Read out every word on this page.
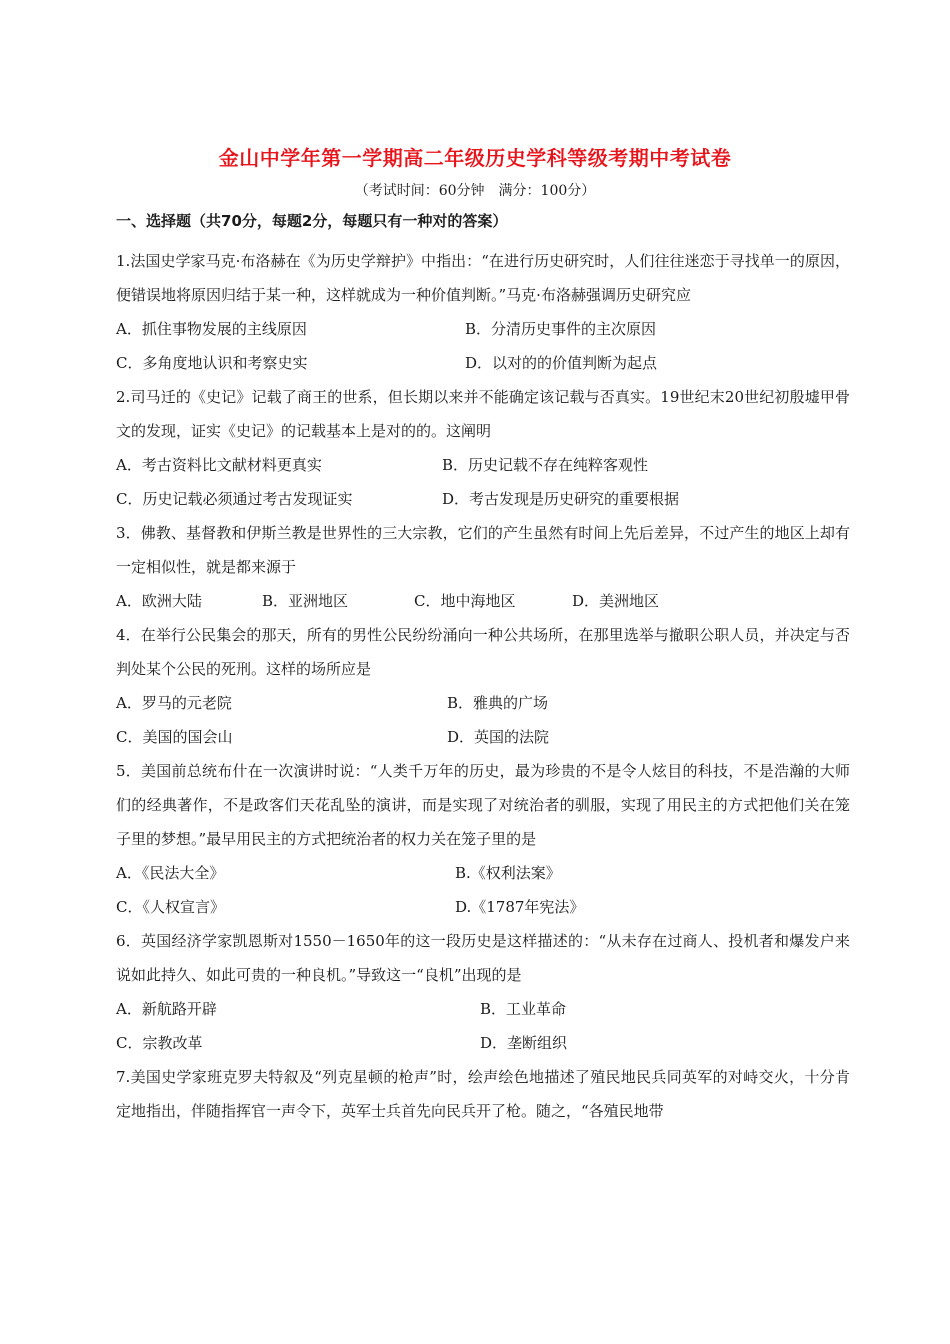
金山中学年第一学期高二年级历史学科等级考期中考试卷
（考试时间：60分钟　满分：100分）
一、选择题（共70分，每题2分，每题只有一种对的答案）

1.法国史学家马克·布洛赫在《为历史学辩护》中指出：“在进行历史研究时，人们往往迷恋于寻找单一的原因，便错误地将原因归结于某一种，这样就成为一种价值判断。”马克·布洛赫强调历史研究应

A．抓住事物发展的主线原因	B．分清历史事件的主次原因
C．多角度地认识和考察史实	D．以对的的价值判断为起点

2.司马迁的《史记》记载了商王的世系，但长期以来并不能确定该记载与否真实。19世纪末20世纪初殷墟甲骨文的发现，证实《史记》的记载基本上是对的的。这阐明

A．考古资料比文献材料更真实	B．历史记载不存在纯粹客观性
C．历史记载必须通过考古发现证实	D．考古发现是历史研究的重要根据

3．佛教、基督教和伊斯兰教是世界性的三大宗教，它们的产生虽然有时间上先后差异，不过产生的地区上却有一定相似性，就是都来源于

A．欧洲大陆	B．亚洲地区	C．地中海地区	D．美洲地区

4．在举行公民集会的那天，所有的男性公民纷纷涌向一种公共场所，在那里选举与撤职公职人员，并决定与否判处某个公民的死刑。这样的场所应是

A．罗马的元老院	B．雅典的广场
C．美国的国会山	D．英国的法院

5．美国前总统布什在一次演讲时说：“人类千万年的历史，最为珍贵的不是令人炫目的科技，不是浩瀚的大师们的经典著作，不是政客们天花乱坠的演讲，而是实现了对统治者的驯服，实现了用民主的方式把他们关在笼子里的梦想。”最早用民主的方式把统治者的权力关在笼子里的是

A．《民法大全》	B.《权利法案》
C．《人权宣言》	D.《1787年宪法》

6．英国经济学家凯恩斯对1550－1650年的这一段历史是这样描述的：“从未存在过商人、投机者和爆发户来说如此持久、如此可贵的一种良机。”导致这一“良机”出现的是

A．新航路开辟	B．工业革命
C．宗教改革	D．垄断组织

7.美国史学家班克罗夫特叙及“列克星顿的枪声”时，绘声绘色地描述了殖民地民兵同英军的对峙交火，十分肯定地指出，伴随指挥官一声令下，英军士兵首先向民兵开了枪。随之，“各殖民地带
